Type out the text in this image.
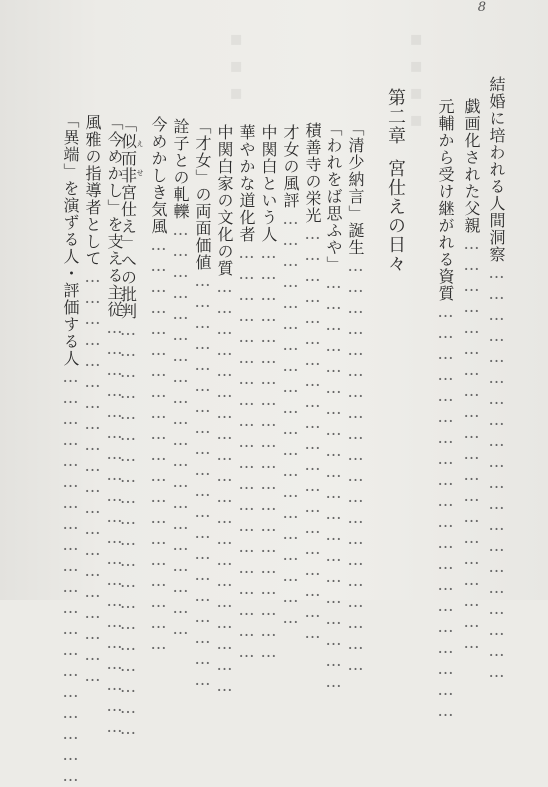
8
▪▪▪▪
▪▪▪
結婚に培われる人間洞察……………………………………………………
戯画化された父親……………………………………………………
元輔から受け継がれる資質……………………………………………………
第二章宮仕えの日々
「清少納言」誕生……………………………………………………
「われをば思ふや」……………………………………………………
積善寺の栄光……………………………………………………
才女の風評……………………………………………………
中関白という人……………………………………………………
華やかな道化者……………………………………………………
中関白家の文化の質……………………………………………………
「才女」の両面価値……………………………………………………
詮子との軋轢……………………………………………………
今めかしき気風……………………………………………………
「似而非えせ宮仕え」への批判……………………………………………………
「今めかし」を支える主従……………………………………………………
風雅の指導者として……………………………………………………
「異端」を演ずる人・評価する人……………………………………………………
